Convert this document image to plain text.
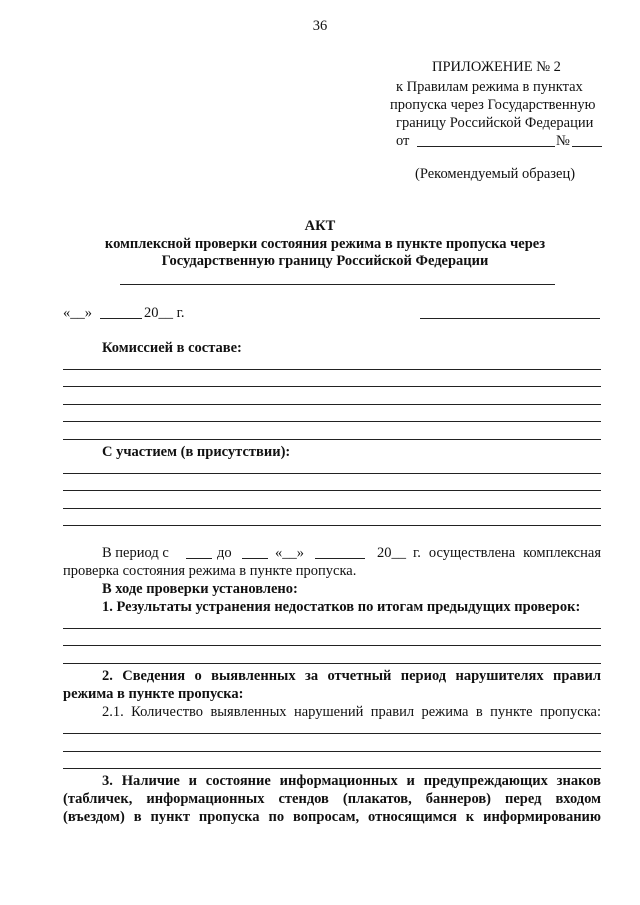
36
ПРИЛОЖЕНИЕ № 2
к Правилам режима в пунктах
пропуска через Государственную
границу Российской Федерации
от	№
(Рекомендуемый образец)
АКТ
комплексной проверки состояния режима в пункте пропуска через
Государственную границу Российской Федерации
«__»	20__ г.
Комиссией в составе:
С участием (в присутствии):
В период с	до	«__»	20__ г. осуществлена комплексная
проверка состояния режима в пункте пропуска.
В ходе проверки установлено:
1. Результаты устранения недостатков по итогам предыдущих проверок:
2. Сведения о выявленных за отчетный период нарушителях правил
режима в пункте пропуска:
2.1. Количество выявленных нарушений правил режима в пункте пропуска:
3. Наличие и состояние информационных и предупреждающих знаков
(табличек, информационных стендов (плакатов, баннеров) перед входом
(въездом) в пункт пропуска по вопросам, относящимся к информированию
